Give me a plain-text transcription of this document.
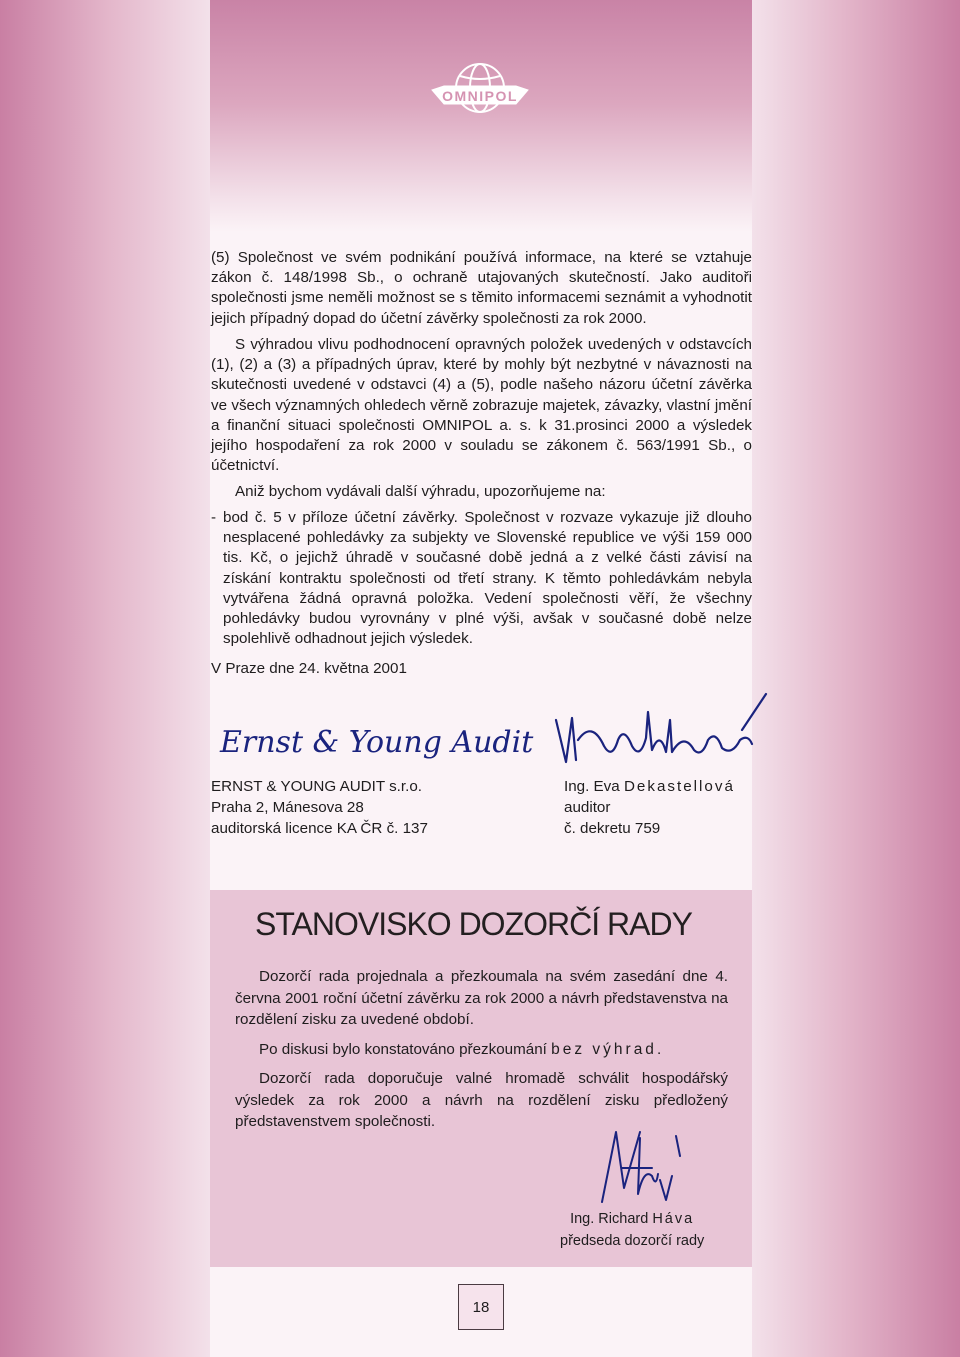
OMNIPOL

(5) Společnost ve svém podnikání používá informace, na které se vztahuje zákon č. 148/1998 Sb., o ochraně utajovaných skutečností. Jako auditoři společnosti jsme neměli možnost se s těmito informacemi seznámit a vyhodnotit jejich případný dopad do účetní závěrky společnosti za rok 2000.

S výhradou vlivu podhodnocení opravných položek uvedených v odstavcích (1), (2) a (3) a případných úprav, které by mohly být nezbytné v návaznosti na skutečnosti uvedené v odstavci (4) a (5), podle našeho názoru účetní závěrka ve všech významných ohledech věrně zobrazuje majetek, závazky, vlastní jmění a finanční situaci společnosti OMNIPOL a. s. k 31.prosinci 2000 a výsledek jejího hospodaření za rok 2000 v souladu se zákonem č. 563/1991 Sb., o účetnictví.

Aniž bychom vydávali další výhradu, upozorňujeme na:

- bod č. 5 v příloze účetní závěrky. Společnost v rozvaze vykazuje již dlouho nesplacené pohledávky za subjekty ve Slovenské republice ve výši 159 000 tis. Kč, o jejichž úhradě v současné době jedná a z velké části závisí na získání kontraktu společnosti od třetí strany. K těmto pohledávkám nebyla vytvářena žádná opravná položka. Vedení společnosti věří, že všechny pohledávky budou vyrovnány v plné výši, avšak v současné době nelze spolehlivě odhadnout jejich výsledek.
V Praze dne 24. května 2001
Ernst & Young Audit
ERNST & YOUNG AUDIT s.r.o.
Praha 2, Mánesova 28
auditorská licence KA ČR č. 137
Ing. Eva Dekastellová
auditor
č. dekretu 759
STANOVISKO DOZORČÍ RADY
Dozorčí rada projednala a přezkoumala na svém zasedání dne 4. června 2001 roční účetní závěrku za rok 2000 a návrh představenstva na rozdělení zisku za uvedené období.
Po diskusi bylo konstatováno přezkoumání bez výhrad.
Dozorčí rada doporučuje valné hromadě schválit hospodářský výsledek za rok 2000 a návrh na rozdělení zisku předložený představenstvem společnosti.
Ing. Richard Háva
předseda dozorčí rady
18
